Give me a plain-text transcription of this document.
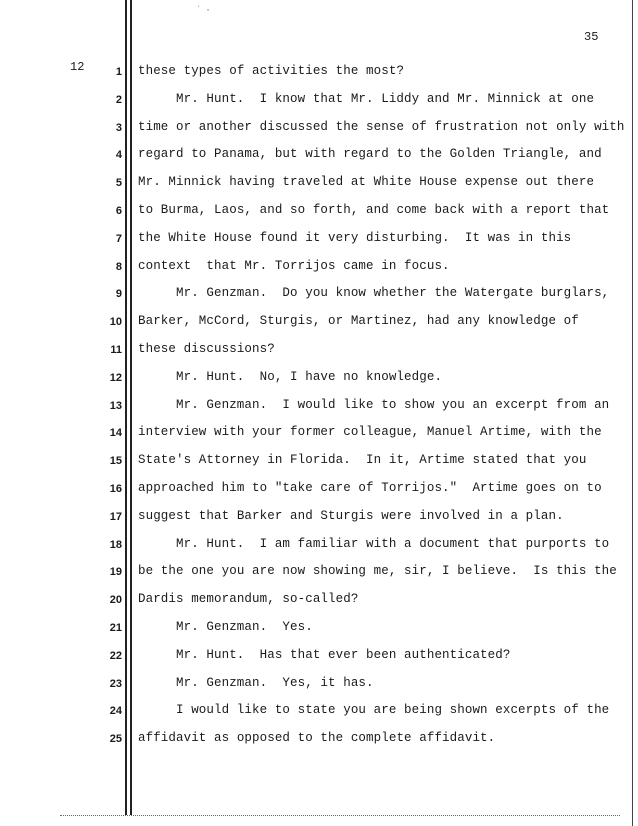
˙ ·
35
12	1 these types of activities the most?
2	Mr. Hunt.  I know that Mr. Liddy and Mr. Minnick at one
3 time or another discussed the sense of frustration not only with
4 regard to Panama, but with regard to the Golden Triangle, and
5 Mr. Minnick having traveled at White House expense out there
6 to Burma, Laos, and so forth, and come back with a report that
7 the White House found it very disturbing.  It was in this
8 context  that Mr. Torrijos came in focus.
9	Mr. Genzman.  Do you know whether the Watergate burglars,
10 Barker, McCord, Sturgis, or Martinez, had any knowledge of
11 these discussions?
12	Mr. Hunt.  No, I have no knowledge.
13	Mr. Genzman.  I would like to show you an excerpt from an
14 interview with your former colleague, Manuel Artime, with the
15 State's Attorney in Florida.  In it, Artime stated that you
16 approached him to "take care of Torrijos."  Artime goes on to
17 suggest that Barker and Sturgis were involved in a plan.
18	Mr. Hunt.  I am familiar with a document that purports to
19 be the one you are now showing me, sir, I believe.  Is this the
20 Dardis memorandum, so-called?
21	Mr. Genzman.  Yes.
22	Mr. Hunt.  Has that ever been authenticated?
23	Mr. Genzman.  Yes, it has.
24	I would like to state you are being shown excerpts of the
25 affidavit as opposed to the complete affidavit.
